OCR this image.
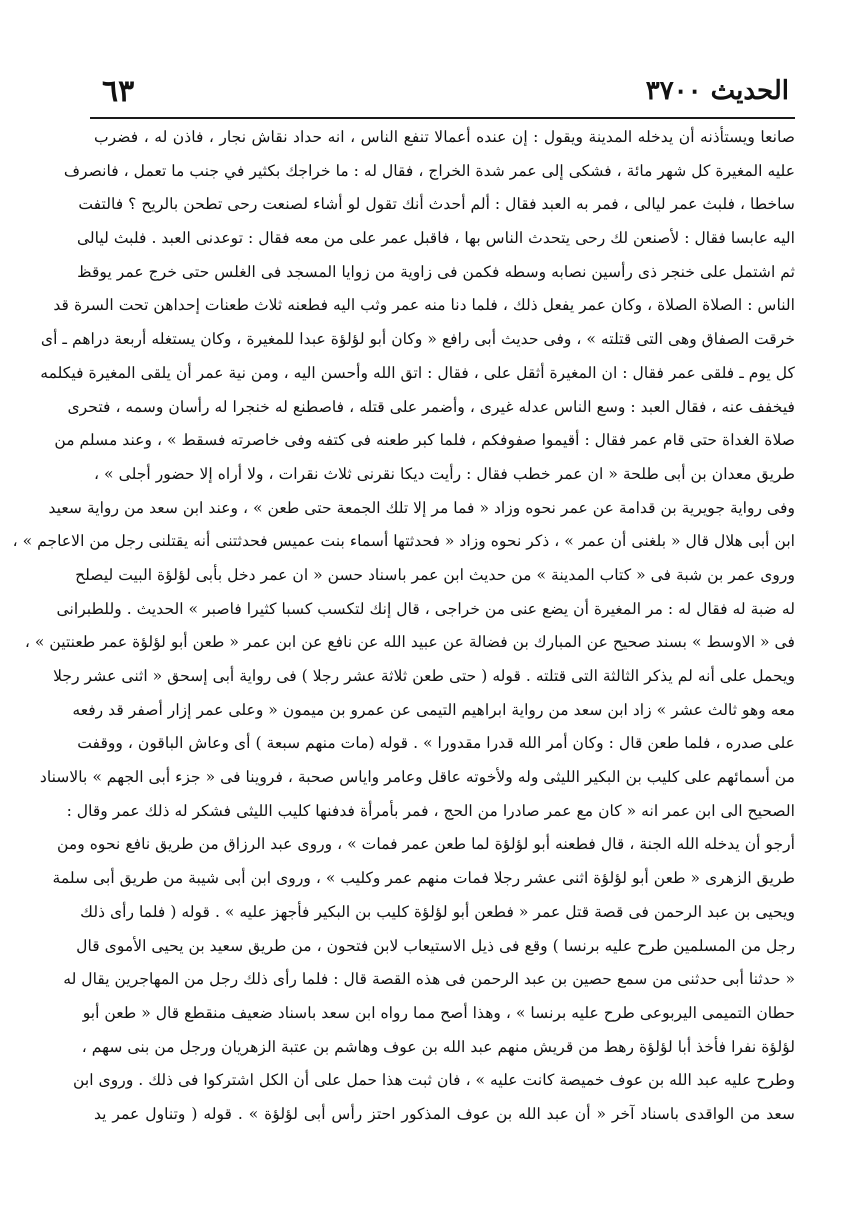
٦٣	الحديث ٣٧٠٠
صانعا ويستأذنه أن يدخله المدينة ويقول : إن عنده أعمالا تنفع الناس ، انه حداد نقاش نجار ، فاذن له ، فضرب
عليه المغيرة كل شهر مائة ، فشكى إلى عمر شدة الخراج ، فقال له : ما خراجك بكثير في جنب ما تعمل ، فانصرف
ساخطا ، فلبث عمر ليالى ، فمر به العبد فقال : ألم أحدث أنك تقول لو أشاء لصنعت رحى تطحن بالريح ؟ فالتفت
اليه عابسا فقال : لأصنعن لك رحى يتحدث الناس بها ، فاقبل عمر على من معه فقال : توعدنى العبد . فلبث ليالى
ثم اشتمل على خنجر ذى رأسين نصابه وسطه فكمن فى زاوية من زوايا المسجد فى الغلس حتى خرج عمر يوقظ
الناس : الصلاة الصلاة ، وكان عمر يفعل ذلك ، فلما دنا منه عمر وثب اليه فطعنه ثلاث طعنات إحداهن تحت السرة قد
خرقت الصفاق وهى التى قتلته » ، وفى حديث أبى رافع « وكان أبو لؤلؤة عبدا للمغيرة ، وكان يستغله أربعة دراهم ـ أى
كل يوم ـ فلقى عمر فقال : ان المغيرة أثقل على ، فقال : اتق الله وأحسن اليه ، ومن نية عمر أن يلقى المغيرة فيكلمه
فيخفف عنه ، فقال العبد : وسع الناس عدله غيرى ، وأضمر على قتله ، فاصطنع له خنجرا له رأسان وسمه ، فتحرى
صلاة الغداة حتى قام عمر فقال : أقيموا صفوفكم ، فلما كبر طعنه فى كتفه وفى خاصرته فسقط » ، وعند مسلم من
طريق معدان بن أبى طلحة « ان عمر خطب فقال : رأيت ديكا نقرنى ثلاث نقرات ، ولا أراه إلا حضور أجلى » ،
وفى رواية جويرية بن قدامة عن عمر نحوه وزاد « فما مر إلا تلك الجمعة حتى طعن » ، وعند ابن سعد من رواية سعيد
ابن أبى هلال قال « بلغنى أن عمر » ، ذكر نحوه وزاد « فحدثتها أسماء بنت عميس فحدثتنى أنه يقتلنى رجل من الاعاجم » ،
وروى عمر بن شبة فى « كتاب المدينة » من حديث ابن عمر باسناد حسن « ان عمر دخل بأبى لؤلؤة البيت ليصلح
له ضبة له فقال له : مر المغيرة أن يضع عنى من خراجى ، قال إنك لتكسب كسبا كثيرا فاصبر » الحديث . وللطبرانى
فى « الاوسط » بسند صحيح عن المبارك بن فضالة عن عبيد الله عن نافع عن ابن عمر « طعن أبو لؤلؤة عمر طعنتين » ،
ويحمل على أنه لم يذكر الثالثة التى قتلته . قوله ( حتى طعن ثلاثة عشر رجلا ) فى رواية أبى إسحق « اثنى عشر رجلا
معه وهو ثالث عشر » زاد ابن سعد من رواية ابراهيم التيمى عن عمرو بن ميمون « وعلى عمر إزار أصفر قد رفعه
على صدره ، فلما طعن قال : وكان أمر الله قدرا مقدورا » . قوله (مات منهم سبعة ) أى وعاش الباقون ، ووقفت
من أسمائهم على كليب بن البكير الليثى وله ولأخوته عاقل وعامر واياس صحبة ، فروينا فى « جزء أبى الجهم » بالاسناد
الصحيح الى ابن عمر انه « كان مع عمر صادرا من الحج ، فمر بأمرأة فدفنها كليب الليثى فشكر له ذلك عمر وقال :
أرجو أن يدخله الله الجنة ، قال فطعنه أبو لؤلؤة لما طعن عمر فمات » ، وروى عبد الرزاق من طريق نافع نحوه ومن
طريق الزهرى « طعن أبو لؤلؤة اثنى عشر رجلا فمات منهم عمر وكليب » ، وروى ابن أبى شيبة من طريق أبى سلمة
ويحيى بن عبد الرحمن فى قصة قتل عمر « فطعن أبو لؤلؤة كليب بن البكير فأجهز عليه » . قوله ( فلما رأى ذلك
رجل من المسلمين طرح عليه برنسا ) وقع فى ذيل الاستيعاب لابن فتحون ، من طريق سعيد بن يحيى الأموى قال
« حدثنا أبى حدثنى من سمع حصين بن عبد الرحمن فى هذه القصة قال : فلما رأى ذلك رجل من المهاجرين يقال له
حطان التميمى اليربوعى طرح عليه برنسا » ، وهذا أصح مما رواه ابن سعد باسناد ضعيف منقطع قال « طعن أبو
لؤلؤة نفرا فأخذ أبا لؤلؤة رهط من قريش منهم عبد الله بن عوف وهاشم بن عتبة الزهريان ورجل من بنى سهم ،
وطرح عليه عبد الله بن عوف خميصة كانت عليه » ، فان ثبت هذا حمل على أن الكل اشتركوا فى ذلك . وروى ابن
سعد من الواقدى باسناد آخر « أن عبد الله بن عوف المذكور احتز رأس أبى لؤلؤة » . قوله ( وتناول عمر يد
